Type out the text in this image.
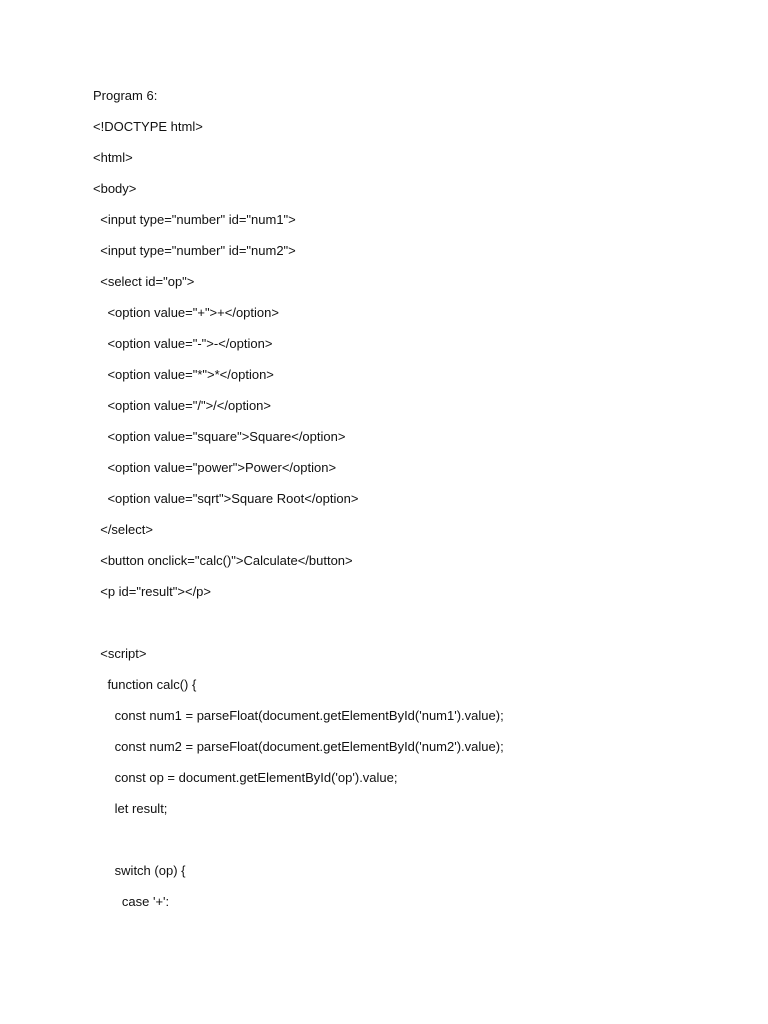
Program 6:
<!DOCTYPE html>
<html>
<body>
<input type="number" id="num1">
<input type="number" id="num2">
<select id="op">
<option value="+">+</option>
<option value="-">-</option>
<option value="*">*</option>
<option value="/">/</option>
<option value="square">Square</option>
<option value="power">Power</option>
<option value="sqrt">Square Root</option>
</select>
<button onclick="calc()">Calculate</button>
<p id="result"></p>
<script>
function calc() {
const num1 = parseFloat(document.getElementById('num1').value);
const num2 = parseFloat(document.getElementById('num2').value);
const op = document.getElementById('op').value;
let result;
switch (op) {
case '+':
